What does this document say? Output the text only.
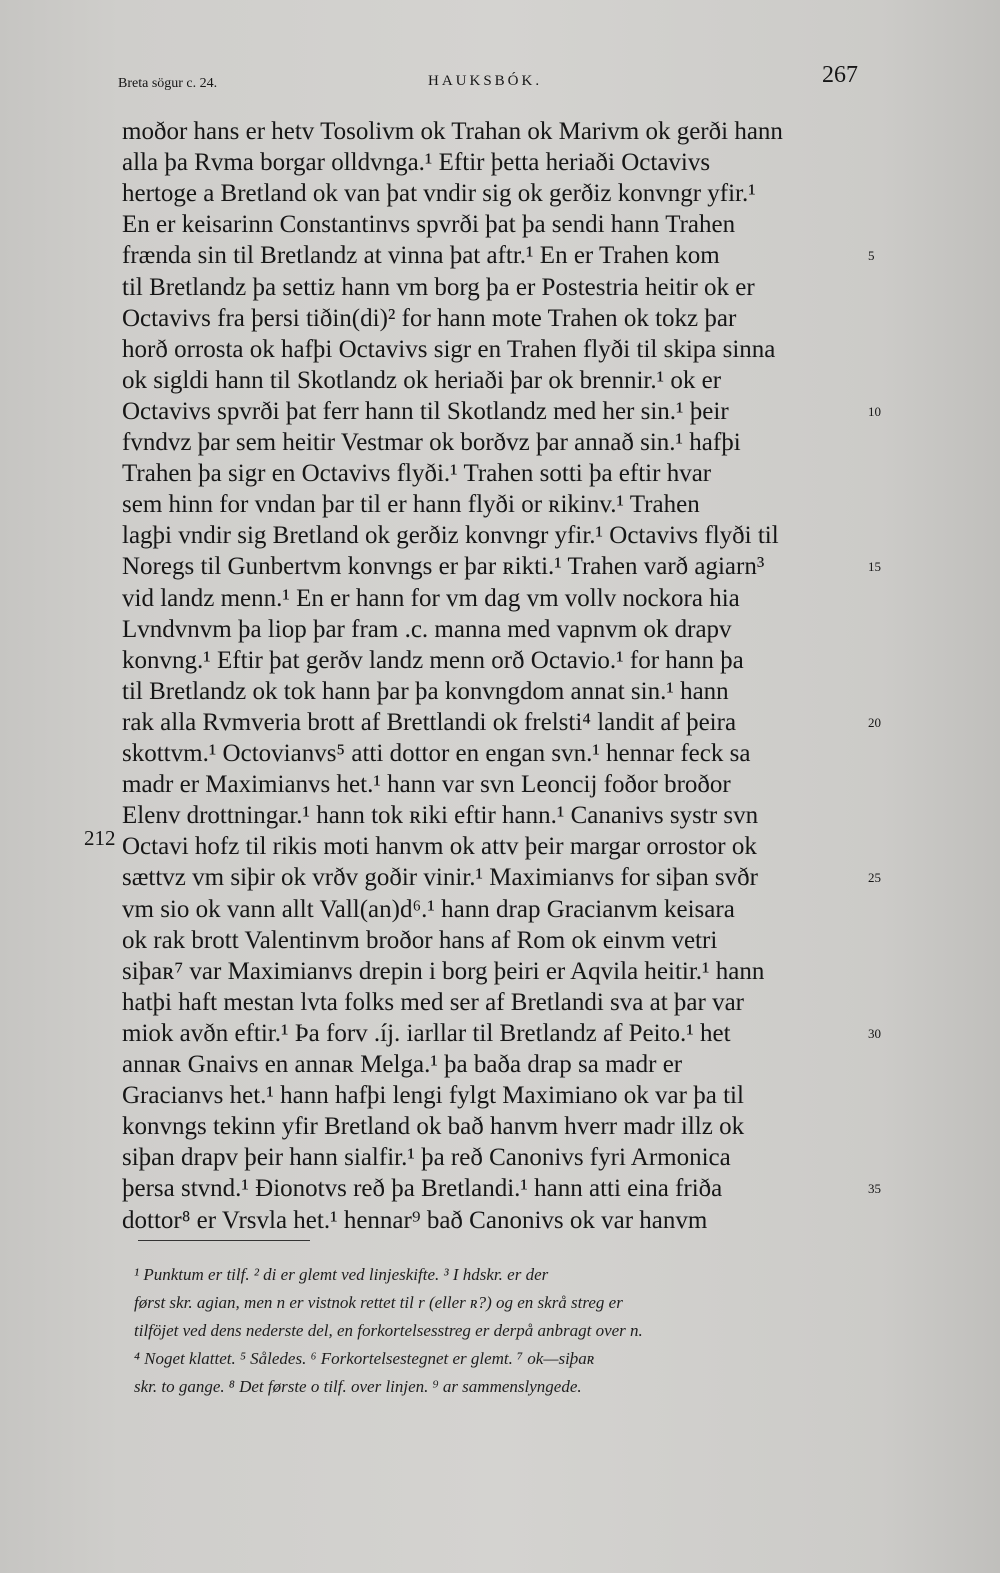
Breta sögur c. 24.	HAUKSBÓK.	267
212
moðor hans er hetv Tosolivm ok Trahan ok Marivm ok gerði hann
alla þa Rvma borgar olldvnga.¹ Eftir þetta heriaði Octavivs
hertoge a Bretland ok van þat vndir sig ok gerðiz konvngr yfir.¹
En er keisarinn Constantinvs spvrði þat þa sendi hann Trahen
frænda sin til Bretlandz at vinna þat aftr.¹ En er Trahen kom
til Bretlandz þa settiz hann vm borg þa er Postestria heitir ok er
Octavivs fra þersi tiðin(di)² for hann mote Trahen ok tokz þar
horð orrosta ok hafþi Octavivs sigr en Trahen flyði til skipa sinna
ok sigldi hann til Skotlandz ok heriaði þar ok brennir.¹ ok er
Octavivs spvrði þat ferr hann til Skotlandz med her sin.¹ þeir
fvndvz þar sem heitir Vestmar ok borðvz þar annað sin.¹ hafþi
Trahen þa sigr en Octavivs flyði.¹ Trahen sotti þa eftir hvar
sem hinn for vndan þar til er hann flyði or ʀikinv.¹ Trahen
lagþi vndir sig Bretland ok gerðiz konvngr yfir.¹ Octavivs flyði til
Noregs til Gunbertvm konvngs er þar ʀikti.¹ Trahen varð agiarn³
vid landz menn.¹ En er hann for vm dag vm vollv nockora hia
Lvndvnvm þa liop þar fram .c. manna med vapnvm ok drapv
konvng.¹ Eftir þat gerðv landz menn orð Octavio.¹ for hann þa
til Bretlandz ok tok hann þar þa konvngdom annat sin.¹ hann
rak alla Rvmveria brott af Brettlandi ok frelsti⁴ landit af þeira
skottvm.¹ Octovianvs⁵ atti dottor en engan svn.¹ hennar feck sa
madr er Maximianvs het.¹ hann var svn Leoncij foðor broðor
Elenv drottningar.¹ hann tok ʀiki eftir hann.¹ Cananivs systr svn
Octavi hofz til rikis moti hanvm ok attv þeir margar orrostor ok
sættvz vm siþir ok vrðv goðir vinir.¹ Maximianvs for siþan svðr
vm sio ok vann allt Vall(an)d⁶.¹ hann drap Gracianvm keisara
ok rak brott Valentinvm broðor hans af Rom ok einvm vetri
siþaʀ⁷ var Maximianvs drepin i borg þeiri er Aqvila heitir.¹ hann
hatþi haft mestan lvta folks med ser af Bretlandi sva at þar var
miok avðn eftir.¹ Þa forv .íj. iarllar til Bretlandz af Peito.¹ het
annaʀ Gnaivs en annaʀ Melga.¹ þa baða drap sa madr er
Gracianvs het.¹ hann hafþi lengi fylgt Maximiano ok var þa til
konvngs tekinn yfir Bretland ok bað hanvm hverr madr illz ok
siþan drapv þeir hann sialfir.¹ þa reð Canonivs fyri Armonica
þersa stvnd.¹ Ðionotvs reð þa Bretlandi.¹ hann atti eina friða
dottor⁸ er Vrsvla het.¹ hennar⁹ bað Canonivs ok var hanvm
5
10
15
20
25
30
35
¹ Punktum er tilf. ² di er glemt ved linjeskifte. ³ I hdskr. er der
først skr. agian, men n er vistnok rettet til r (eller ʀ?) og en skrå streg er
tilföjet ved dens nederste del, en forkortelsesstreg er derpå anbragt over n.
⁴ Noget klattet. ⁵ Således. ⁶ Forkortelsestegnet er glemt. ⁷ ok—siþaʀ
skr. to gange. ⁸ Det første o tilf. over linjen. ⁹ ar sammenslyngede.
